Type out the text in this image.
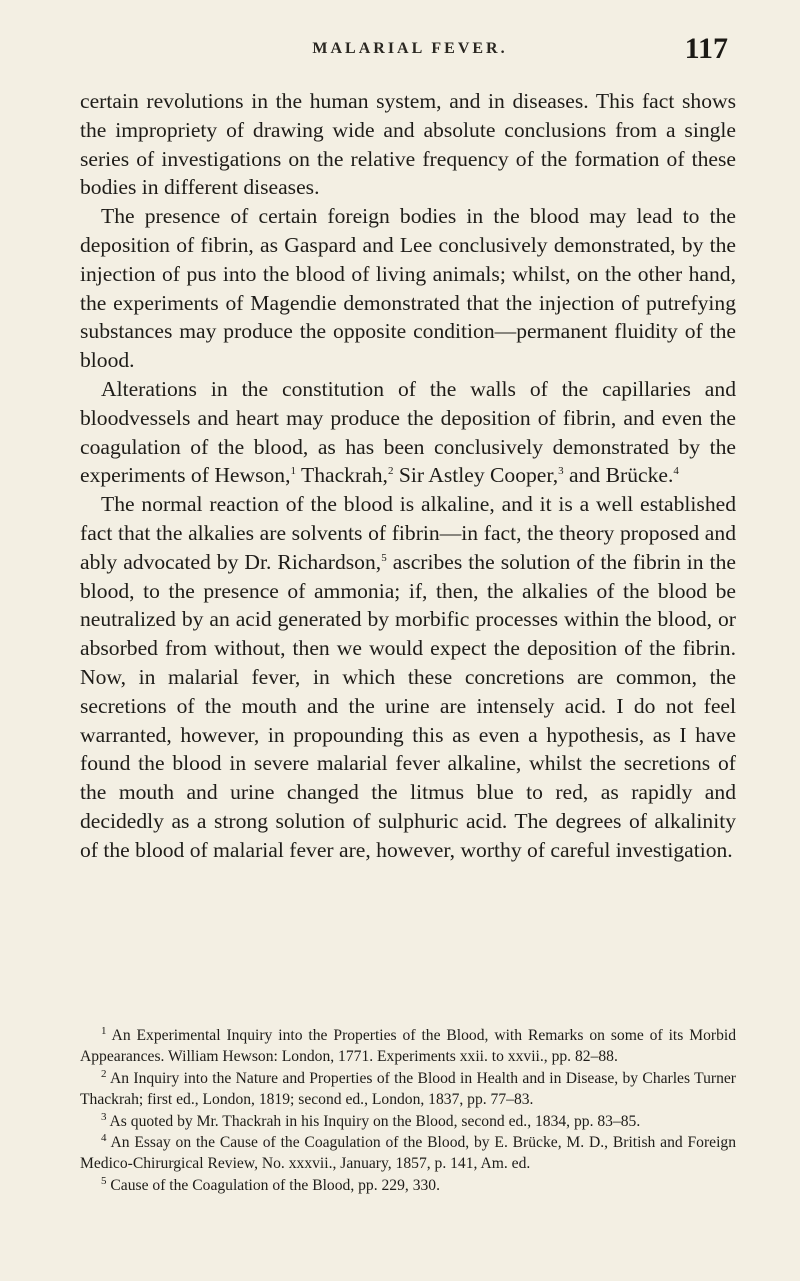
MALARIAL FEVER.	117

certain revolutions in the human system, and in diseases. This fact shows the impropriety of drawing wide and absolute conclusions from a single series of investigations on the relative frequency of the formation of these bodies in different diseases.

The presence of certain foreign bodies in the blood may lead to the deposition of fibrin, as Gaspard and Lee conclusively demonstrated, by the injection of pus into the blood of living animals; whilst, on the other hand, the experiments of Magendie demonstrated that the injection of putrefying substances may produce the opposite condition—permanent fluidity of the blood.

Alterations in the constitution of the walls of the capillaries and bloodvessels and heart may produce the deposition of fibrin, and even the coagulation of the blood, as has been conclusively demonstrated by the experiments of Hewson,$^1$ Thackrah,$^2$ Sir Astley Cooper,$^3$ and Brücke.$^4$

The normal reaction of the blood is alkaline, and it is a well established fact that the alkalies are solvents of fibrin—in fact, the theory proposed and ably advocated by Dr. Richardson,$^5$ ascribes the solution of the fibrin in the blood, to the presence of ammonia; if, then, the alkalies of the blood be neutralized by an acid generated by morbific processes within the blood, or absorbed from without, then we would expect the deposition of the fibrin. Now, in malarial fever, in which these concretions are common, the secretions of the mouth and the urine are intensely acid. I do not feel warranted, however, in propounding this as even a hypothesis, as I have found the blood in severe malarial fever alkaline, whilst the secretions of the mouth and urine changed the litmus blue to red, as rapidly and decidedly as a strong solution of sulphuric acid. The degrees of alkalinity of the blood of malarial fever are, however, worthy of careful investigation.

$^1$ An Experimental Inquiry into the Properties of the Blood, with Remarks on some of its Morbid Appearances. William Hewson: London, 1771. Experiments xxii. to xxvii., pp. 82–88.

$^2$ An Inquiry into the Nature and Properties of the Blood in Health and in Disease, by Charles Turner Thackrah; first ed., London, 1819; second ed., London, 1837, pp. 77–83.

$^3$ As quoted by Mr. Thackrah in his Inquiry on the Blood, second ed., 1834, pp. 83–85.

$^4$ An Essay on the Cause of the Coagulation of the Blood, by E. Brücke, M. D., British and Foreign Medico-Chirurgical Review, No. xxxvii., January, 1857, p. 141, Am. ed.

$^5$ Cause of the Coagulation of the Blood, pp. 229, 330.
